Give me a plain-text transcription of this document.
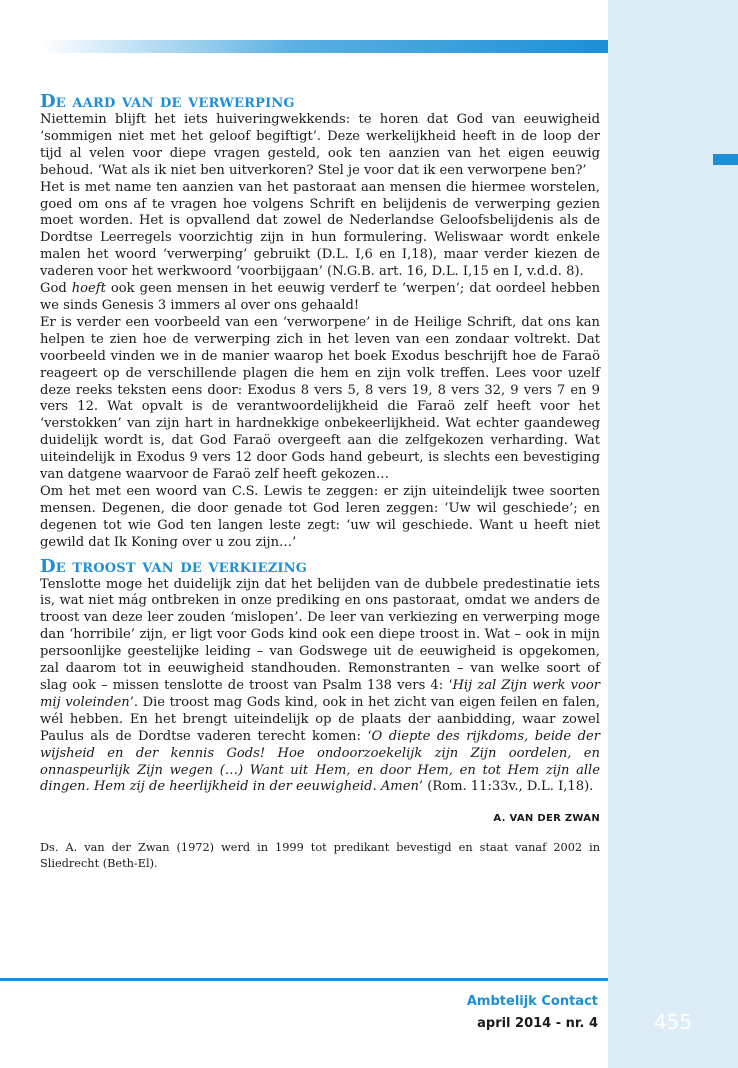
De aard van de verwerping

Niettemin blijft het iets huiveringwekkends: te horen dat God van eeuwigheid ‘sommigen niet met het geloof begiftigt’. Deze werkelijkheid heeft in de loop der tijd al velen voor diepe vragen gesteld, ook ten aanzien van het eigen eeuwig behoud. ‘Wat als ik niet ben uitverkoren? Stel je voor dat ik een verworpene ben?’

Het is met name ten aanzien van het pastoraat aan mensen die hiermee worstelen, goed om ons af te vragen hoe volgens Schrift en belijdenis de verwerping gezien moet worden. Het is opvallend dat zowel de Nederlandse Geloofsbelijdenis als de Dordtse Leerregels voorzichtig zijn in hun formulering. Weliswaar wordt enkele malen het woord ‘verwerping’ gebruikt (D.L. I,6 en I,18), maar verder kiezen de vaderen voor het werkwoord ‘voorbijgaan’ (N.G.B. art. 16, D.L. I,15 en I, v.d.d. 8).

God hoeft ook geen mensen in het eeuwig verderf te ‘werpen’; dat oordeel hebben we sinds Genesis 3 immers al over ons gehaald!

Er is verder een voorbeeld van een ‘verworpene’ in de Heilige Schrift, dat ons kan helpen te zien hoe de verwerping zich in het leven van een zondaar voltrekt. Dat voorbeeld vinden we in de manier waarop het boek Exodus beschrijft hoe de Faraö reageert op de verschillende plagen die hem en zijn volk treffen. Lees voor uzelf deze reeks teksten eens door: Exodus 8 vers 5, 8 vers 19, 8 vers 32, 9 vers 7 en 9 vers 12. Wat opvalt is de verantwoordelijkheid die Faraö zelf heeft voor het ‘verstokken’ van zijn hart in hardnekkige onbekeerlijkheid. Wat echter gaandeweg duidelijk wordt is, dat God Faraö overgeeft aan die zelfgekozen verharding. Wat uiteindelijk in Exodus 9 vers 12 door Gods hand gebeurt, is slechts een bevestiging van datgene waarvoor de Faraö zelf heeft gekozen…

Om het met een woord van C.S. Lewis te zeggen: er zijn uiteindelijk twee soorten mensen. Degenen, die door genade tot God leren zeggen: ‘Uw wil geschiede’; en degenen tot wie God ten langen leste zegt: ‘uw wil geschiede. Want u heeft niet gewild dat Ik Koning over u zou zijn…’

De troost van de verkiezing

Tenslotte moge het duidelijk zijn dat het belijden van de dubbele predestinatie iets is, wat niet mág ontbreken in onze prediking en ons pastoraat, omdat we anders de troost van deze leer zouden ‘mislopen’. De leer van verkiezing en verwerping moge dan ‘horribile’ zijn, er ligt voor Gods kind ook een diepe troost in. Wat – ook in mijn persoonlijke geestelijke leiding – van Godswege uit de eeuwigheid is opgekomen, zal daarom tot in eeuwigheid standhouden. Remonstranten – van welke soort of slag ook – missen tenslotte de troost van Psalm 138 vers 4: ‘Hij zal Zijn werk voor mij voleinden’. Die troost mag Gods kind, ook in het zicht van eigen feilen en falen, wél hebben. En het brengt uiteindelijk op de plaats der aanbidding, waar zowel Paulus als de Dordtse vaderen terecht komen: ‘O diepte des rijkdoms, beide der wijsheid en der kennis Gods! Hoe ondoorzoekelijk zijn Zijn oordelen, en onnaspeurlijk Zijn wegen (…) Want uit Hem, en door Hem, en tot Hem zijn alle dingen. Hem zij de heerlijkheid in der eeuwigheid. Amen’ (Rom. 11:33v., D.L. I,18).

A. VAN DER ZWAN
Ds. A. van der Zwan (1972) werd in 1999 tot predikant bevestigd en staat vanaf 2002 in Sliedrecht (Beth-El).
Ambtelijk Contact
april 2014 - nr. 4	455
